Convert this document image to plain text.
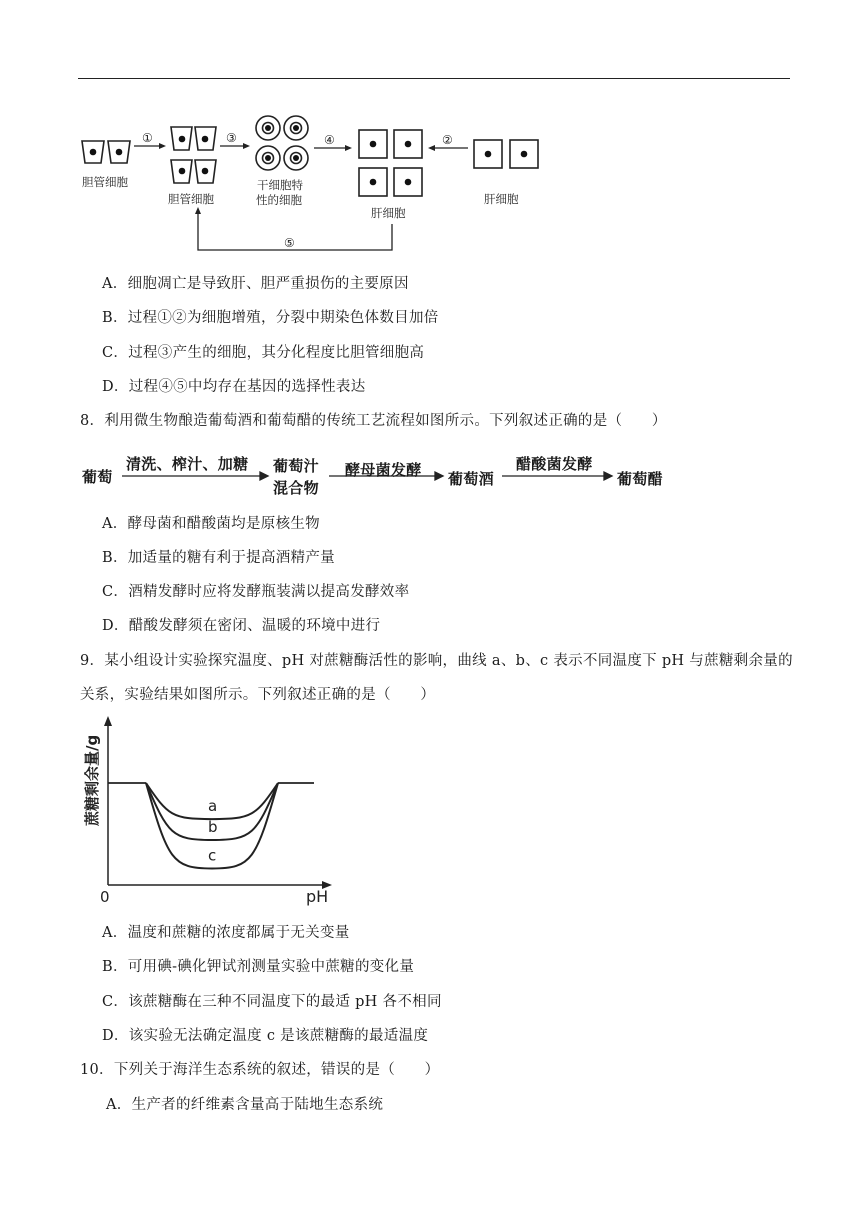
①	③	④	②
⑤
胆管细胞
胆管细胞
干细胞特
性的细胞
肝细胞
肝细胞
A．细胞凋亡是导致肝、胆严重损伤的主要原因
B．过程①②为细胞增殖，分裂中期染色体数目加倍
C．过程③产生的细胞，其分化程度比胆管细胞高
D．过程④⑤中均存在基因的选择性表达
8．利用微生物酿造葡萄酒和葡萄醋的传统工艺流程如图所示。下列叙述正确的是（　　）
葡萄
清洗、榨汁、加糖 葡萄汁
混合物
酵母菌发酵 葡萄酒
醋酸菌发酵
葡萄醋
A．酵母菌和醋酸菌均是原核生物
B．加适量的糖有利于提高酒精产量
C．酒精发酵时应将发酵瓶装满以提高发酵效率
D．醋酸发酵须在密闭、温暖的环境中进行
9．某小组设计实验探究温度、pH 对蔗糖酶活性的影响，曲线 a、b、c 表示不同温度下 pH 与蔗糖剩余量的
关系，实验结果如图所示。下列叙述正确的是（　　）
a
b
c
0	pH
蔗糖剩余量/g
A．温度和蔗糖的浓度都属于无关变量
B．可用碘-碘化钾试剂测量实验中蔗糖的变化量
C．该蔗糖酶在三种不同温度下的最适 pH 各不相同
D．该实验无法确定温度 c 是该蔗糖酶的最适温度
10．下列关于海洋生态系统的叙述，错误的是（　　）
A．生产者的纤维素含量高于陆地生态系统
